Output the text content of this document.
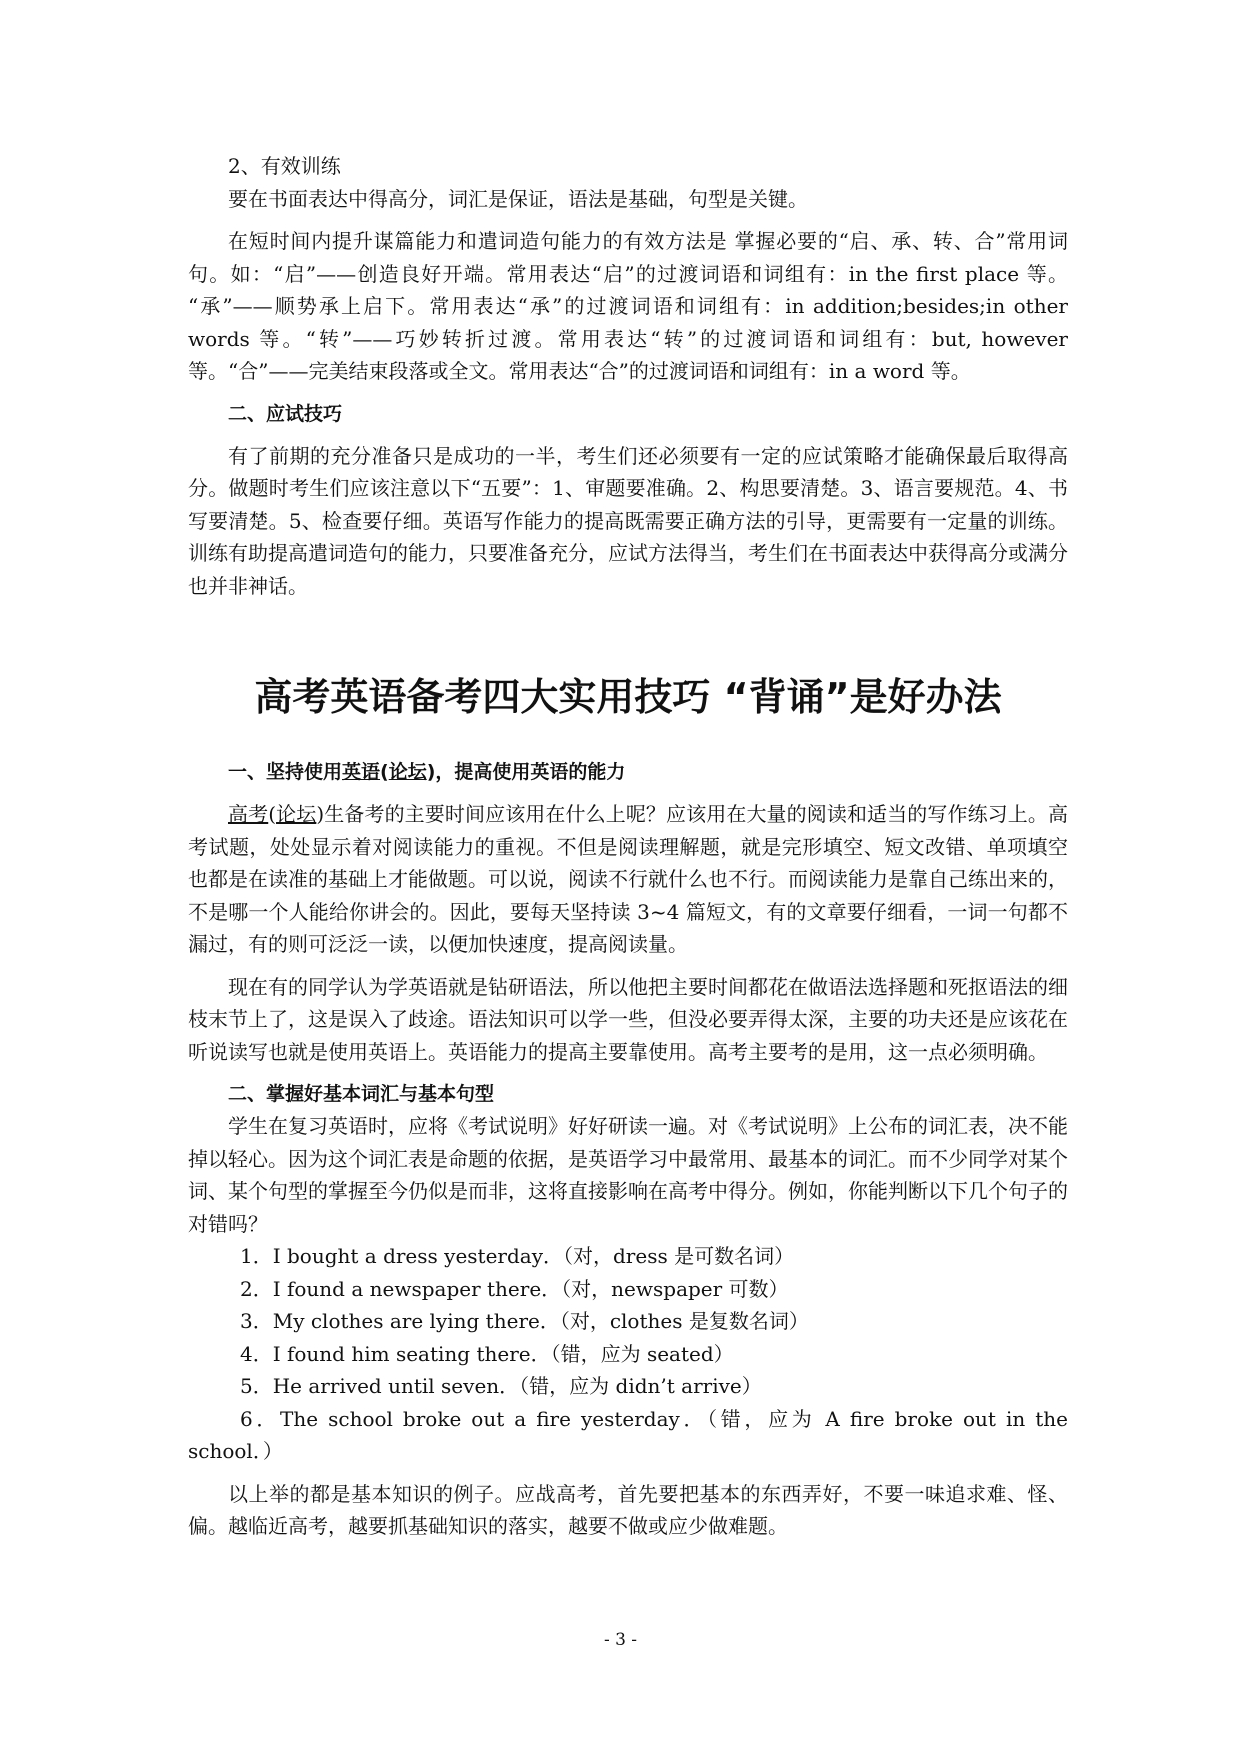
2、有效训练

要在书面表达中得高分，词汇是保证，语法是基础，句型是关键。

在短时间内提升谋篇能力和遣词造句能力的有效方法是 掌握必要的“启、承、转、合”常用词句。如：“启”——创造良好开端。常用表达“启”的过渡词语和词组有：in the first place 等。 “承”——顺势承上启下。常用表达“承”的过渡词语和词组有：in addition;besides;in other words 等。“转”——巧妙转折过渡。常用表达“转”的过渡词语和词组有：but, however 等。“合”——完美结束段落或全文。常用表达“合”的过渡词语和词组有：in a word 等。

二、应试技巧

有了前期的充分准备只是成功的一半，考生们还必须要有一定的应试策略才能确保最后取得高分。做题时考生们应该注意以下“五要”：1、审题要准确。2、构思要清楚。3、语言要规范。4、书写要清楚。5、检查要仔细。英语写作能力的提高既需要正确方法的引导，更需要有一定量的训练。训练有助提高遣词造句的能力，只要准备充分，应试方法得当，考生们在书面表达中获得高分或满分也并非神话。

高考英语备考四大实用技巧 “背诵”是好办法

一、坚持使用英语(论坛)，提高使用英语的能力

高考(论坛)生备考的主要时间应该用在什么上呢？应该用在大量的阅读和适当的写作练习上。高考试题，处处显示着对阅读能力的重视。不但是阅读理解题，就是完形填空、短文改错、单项填空 也都是在读准的基础上才能做题。可以说，阅读不行就什么也不行。而阅读能力是靠自己练出来的，不是哪一个人能给你讲会的。因此，要每天坚持读 3~4 篇短文，有的文章要仔细看，一词一句都不漏过，有的则可泛泛一读，以便加快速度，提高阅读量。

现在有的同学认为学英语就是钻研语法，所以他把主要时间都花在做语法选择题和死抠语法的细枝末节上了，这是误入了歧途。语法知识可以学一些，但没必要弄得太深，主要的功夫还是应该花在听说读写也就是使用英语上。英语能力的提高主要靠使用。高考主要考的是用，这一点必须明确。

二、掌握好基本词汇与基本句型

学生在复习英语时，应将《考试说明》好好研读一遍。对《考试说明》上公布的词汇表，决不能掉以轻心。因为这个词汇表是命题的依据，是英语学习中最常用、最基本的词汇。而不少同学对某个词、某个句型的掌握至今仍似是而非，这将直接影响在高考中得分。例如，你能判断以下几个句子的对错吗？

1．I bought a dress yesterday．（对，dress 是可数名词）

2．I found a newspaper there．（对，newspaper 可数）

3．My clothes are lying there．（对，clothes 是复数名词）

4．I found him seating there．（错，应为 seated）

5．He arrived until seven．（错，应为 didn’t arrive）

6．The school broke out a fire yesterday．（错，应为 A fire broke out in the school．）

以上举的都是基本知识的例子。应战高考，首先要把基本的东西弄好，不要一味追求难、怪、偏。越临近高考，越要抓基础知识的落实，越要不做或应少做难题。

- 3 -
